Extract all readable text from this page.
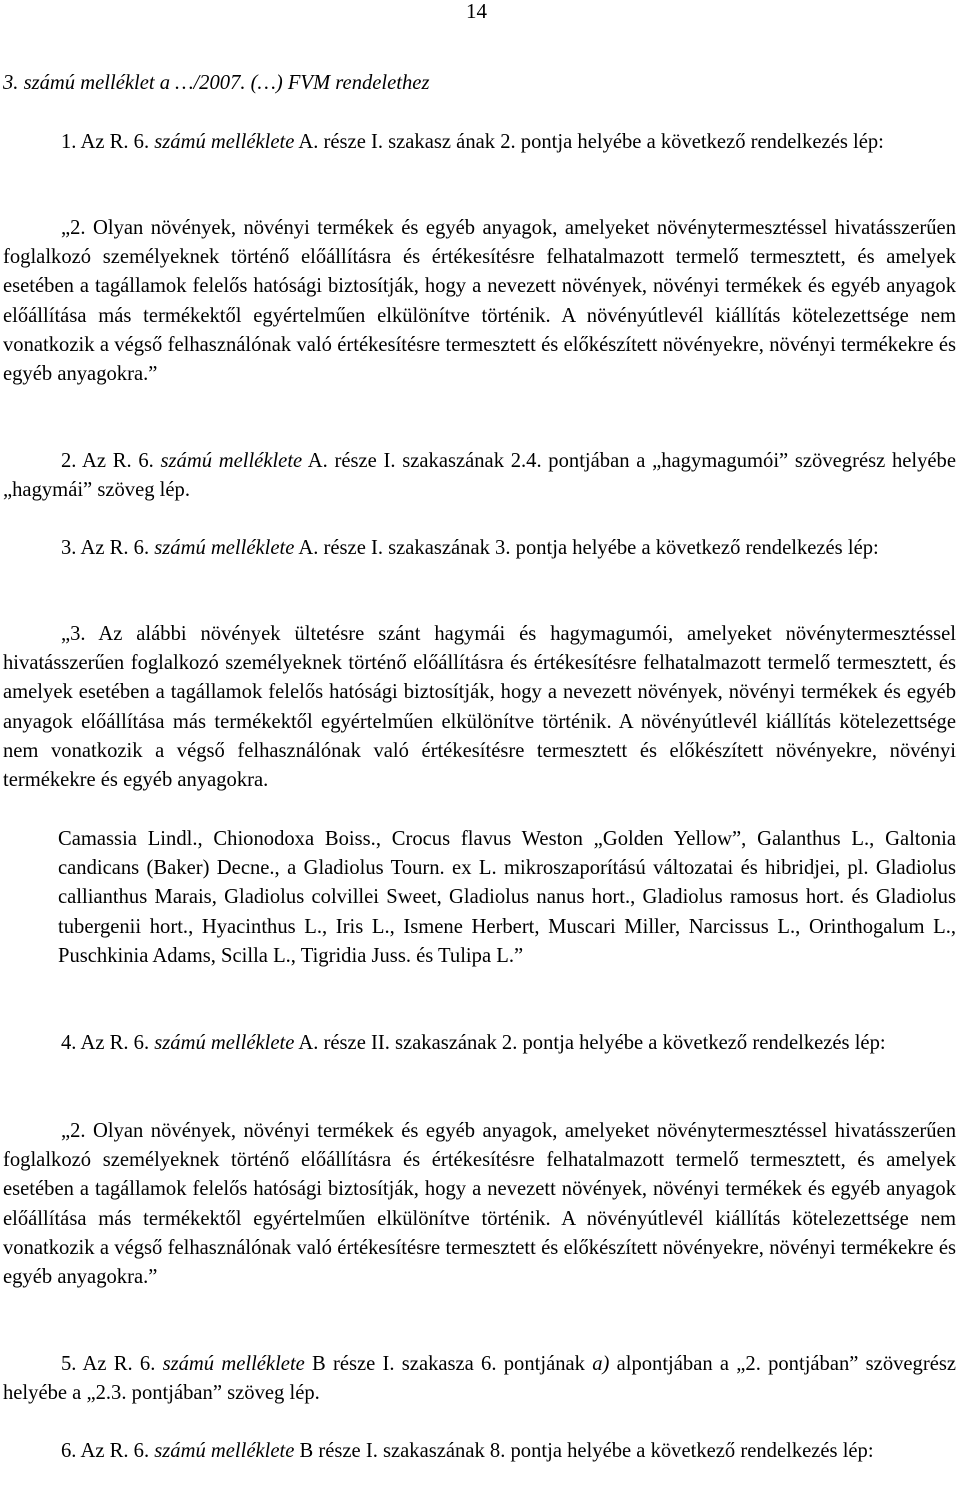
14
3. számú melléklet a …/2007. (…) FVM rendelethez

1. Az R. 6. számú melléklete A. része I. szakasz ának 2. pontja helyébe a következő rendelkezés lép:

„2. Olyan növények, növényi termékek és egyéb anyagok, amelyeket növénytermesztéssel hivatásszerűen foglalkozó személyeknek történő előállításra és értékesítésre felhatalmazott termelő termesztett, és amelyek esetében a tagállamok felelős hatósági biztosítják, hogy a nevezett növények, növényi termékek és egyéb anyagok előállítása más termékektől egyértelműen elkülönítve történik. A növényútlevél kiállítás kötelezettsége nem vonatkozik a végső felhasználónak való értékesítésre termesztett és előkészített növényekre, növényi termékekre és egyéb anyagokra.”

2. Az R. 6. számú melléklete A. része I. szakaszának 2.4. pontjában a „hagymagumói” szövegrész helyébe „hagymái” szöveg lép.

3. Az R. 6. számú melléklete A. része I. szakaszának 3. pontja helyébe a következő rendelkezés lép:

„3. Az alábbi növények ültetésre szánt hagymái és hagymagumói, amelyeket növénytermesztéssel hivatásszerűen foglalkozó személyeknek történő előállításra és értékesítésre felhatalmazott termelő termesztett, és amelyek esetében a tagállamok felelős hatósági biztosítják, hogy a nevezett növények, növényi termékek és egyéb anyagok előállítása más termékektől egyértelműen elkülönítve történik. A növényútlevél kiállítás kötelezettsége nem vonatkozik a végső felhasználónak való értékesítésre termesztett és előkészített növényekre, növényi termékekre és egyéb anyagokra.

Camassia Lindl., Chionodoxa Boiss., Crocus flavus Weston „Golden Yellow”, Galanthus L., Galtonia candicans (Baker) Decne., a Gladiolus Tourn. ex L. mikroszaporítású változatai és hibridjei, pl. Gladiolus callianthus Marais, Gladiolus colvillei Sweet, Gladiolus nanus hort., Gladiolus ramosus hort. és Gladiolus tubergenii hort., Hyacinthus L., Iris L., Ismene Herbert, Muscari Miller, Narcissus L., Orinthogalum L., Puschkinia Adams, Scilla L., Tigridia Juss. és Tulipa L.”

4. Az R. 6. számú melléklete A. része II. szakaszának 2. pontja helyébe a következő rendelkezés lép:

„2. Olyan növények, növényi termékek és egyéb anyagok, amelyeket növénytermesztéssel hivatásszerűen foglalkozó személyeknek történő előállításra és értékesítésre felhatalmazott termelő termesztett, és amelyek esetében a tagállamok felelős hatósági biztosítják, hogy a nevezett növények, növényi termékek és egyéb anyagok előállítása más termékektől egyértelműen elkülönítve történik. A növényútlevél kiállítás kötelezettsége nem vonatkozik a végső felhasználónak való értékesítésre termesztett és előkészített növényekre, növényi termékekre és egyéb anyagokra.”

5. Az R. 6. számú melléklete B része I. szakasza 6. pontjának a) alpontjában a „2. pontjában” szövegrész helyébe a „2.3. pontjában” szöveg lép.

6. Az R. 6. számú melléklete B része I. szakaszának 8. pontja helyébe a következő rendelkezés lép:
